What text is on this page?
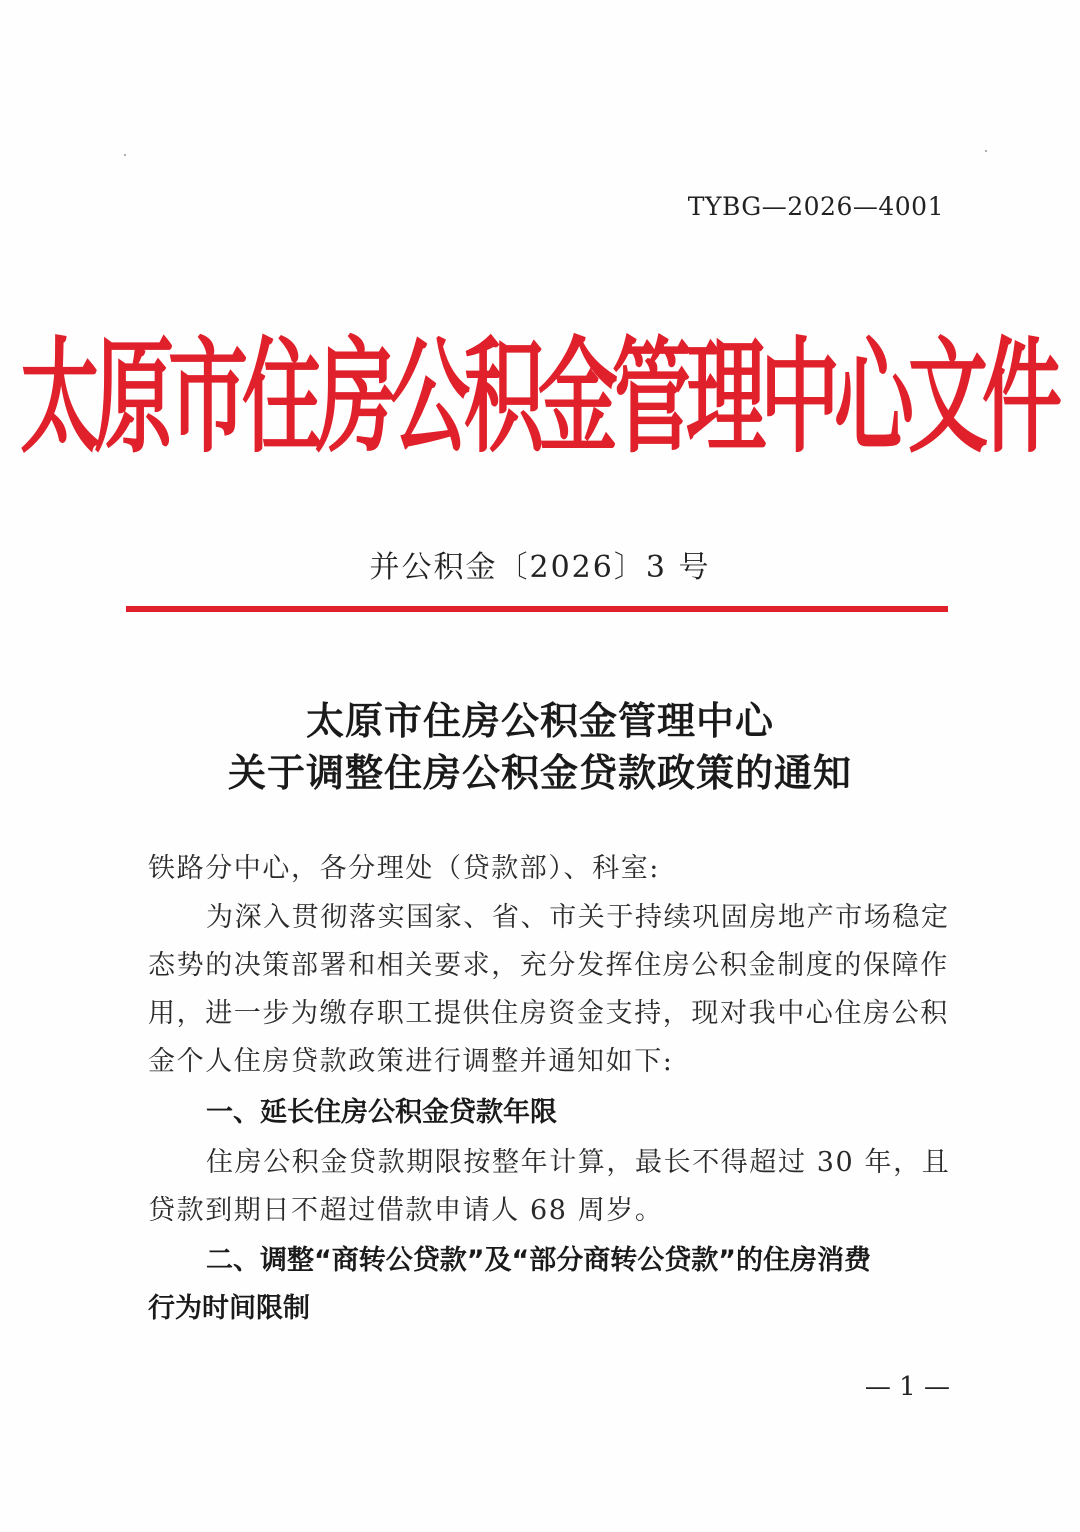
TYBG—2026—4001
太原市住房公积金管理中心文件
并公积金〔2026〕3 号
太原市住房公积金管理中心
关于调整住房公积金贷款政策的通知
铁路分中心，各分理处（贷款部）、科室:
为深入贯彻落实国家、省、市关于持续巩固房地产市场稳定
态势的决策部署和相关要求，充分发挥住房公积金制度的保障作
用，进一步为缴存职工提供住房资金支持，现对我中心住房公积
金个人住房贷款政策进行调整并通知如下:
一、延长住房公积金贷款年限
住房公积金贷款期限按整年计算，最长不得超过 30 年，且
贷款到期日不超过借款申请人 68 周岁。
二、调整“商转公贷款”及“部分商转公贷款”的住房消费
行为时间限制
— 1 —
